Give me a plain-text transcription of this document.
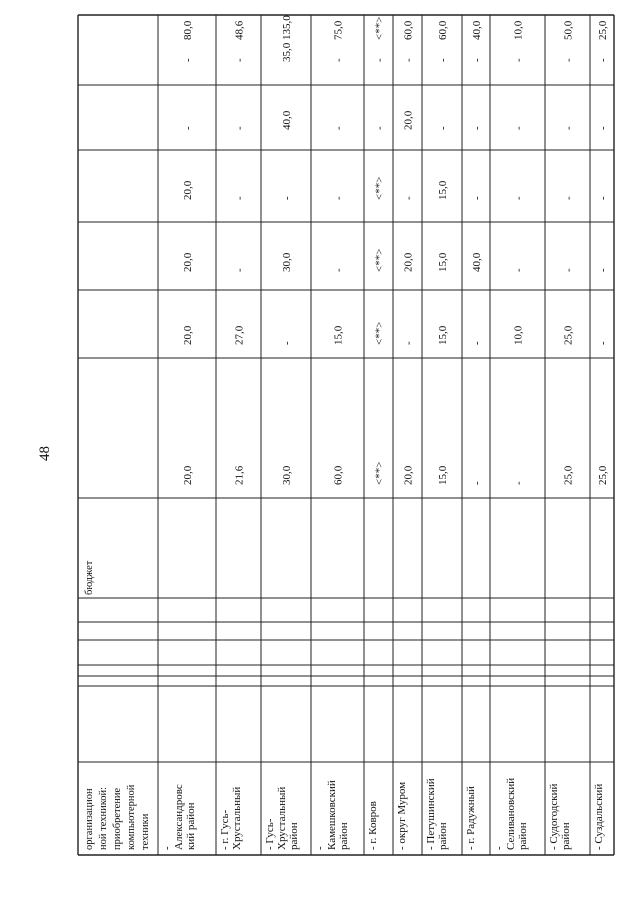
48
организацион ной техникой: приобретение компьютерной техники
бюджет
- Александровс кий район
20,0
20,0
20,0
20,0
-
-
80,0
- г. Гусь- Хрустальный
21,6
27,0
-
-
-
-
48,6
- Гусь- Хрустальный район
30,0
-
30,0
-
40,0
35,0
135,0
- Камешковский район
60,0
15,0
-
-
-
-
75,0
- г. Ковров
<**>
<**>
<**>
<**>
-
-
<**>
- округ Муром
20,0
-
20,0
-
20,0
-
60,0
- Петушинский район
15,0
15,0
15,0
15,0
-
-
60,0
- г. Радужный
-
-
40,0
-
-
-
40,0
- Селивановский район
-
10,0
-
-
-
-
10,0
- Судогодский район
25,0
25,0
-
-
-
-
50,0
- Суздальский
25,0
-
-
-
-
-
25,0
